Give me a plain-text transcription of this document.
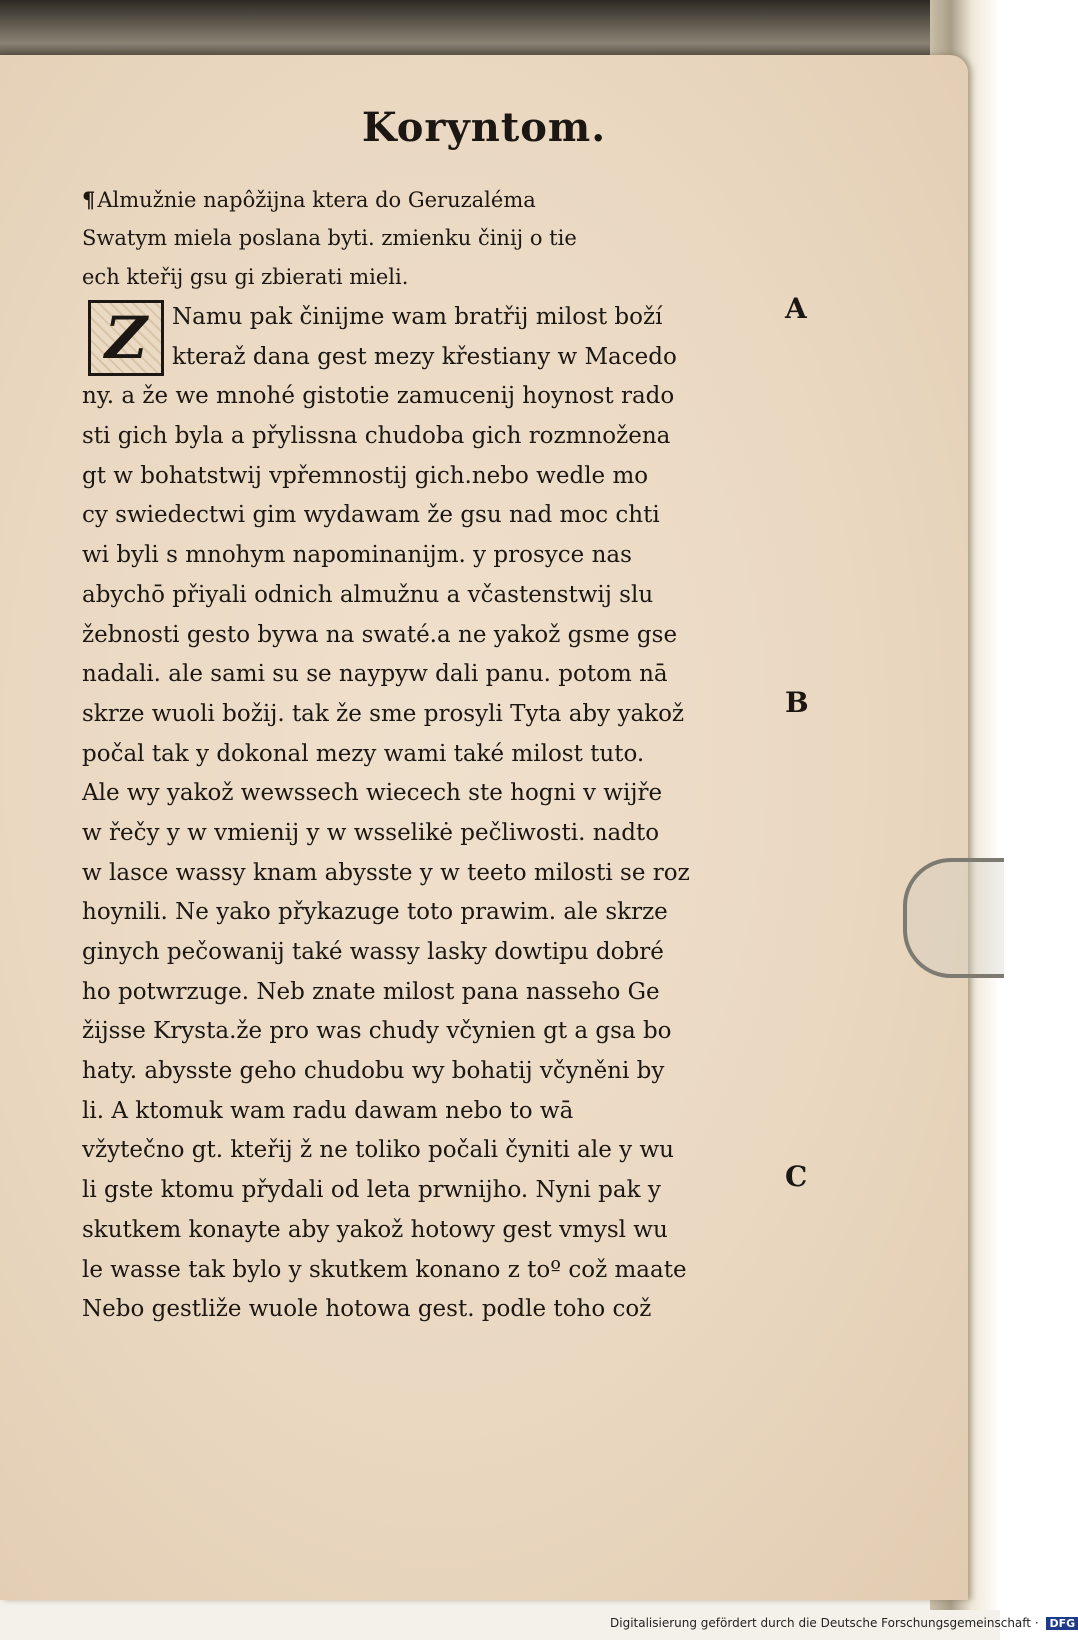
Koryntom.
¶Almužnie napôžijna ktera do Geruzaléma
Swatym miela poslana byti. zmienku činij o tie
ech kteřij gsu gi zbierati mieli.
Z	Namu pak činijme wam bratřij milost boží
kteraž dana gest mezy křestiany w Macedo
ny. a že we mnohé gistotie zamucenij hoynost rado
sti gich byla a přylissna chudoba gich rozmnožena
gt w bohatstwij vpřemnostij gich.nebo wedle mo
cy swiedectwi gim wydawam že gsu nad moc chti
wi byli s mnohym napominanijm. y prosyce nas
abychō přiyali odnich almužnu a včastenstwij slu
žebnosti gesto bywa na swaté.a ne yakož gsme gse
nadali. ale sami su se naypyw dali panu. potom nā
skrze wuoli božij. tak že sme prosyli Tyta aby yakož
počal tak y dokonal mezy wami také milost tuto.
Ale wy yakož wewssech wiecech ste hogni v wijře
w řečy y w vmienij y w wsselikė pečliwosti. nadto
w lasce wassy knam abysste y w teeto milosti se roz
hoynili. Ne yako přykazuge toto prawim. ale skrze
ginych pečowanij také wassy lasky dowtipu dobré
ho potwrzuge. Neb znate milost pana nasseho Ge
žijsse Krysta.že pro was chudy včynien gt a gsa bo
haty. abysste geho chudobu wy bohatij včyněni by
li. A ktomuk wam radu dawam nebo to wā
vžytečno gt. kteřij ž ne toliko počali čyniti ale y wu
li gste ktomu přydali od leta prwnijho. Nyni pak y
skutkem konayte aby yakož hotowy gest vmysl wu
le wasse tak bylo y skutkem konano z toº což maate
Nebo gestliže wuole hotowa gest. podle toho což
A
B
C
Digitalisierung gefördert durch die Deutsche Forschungsgemeinschaft · DFG
